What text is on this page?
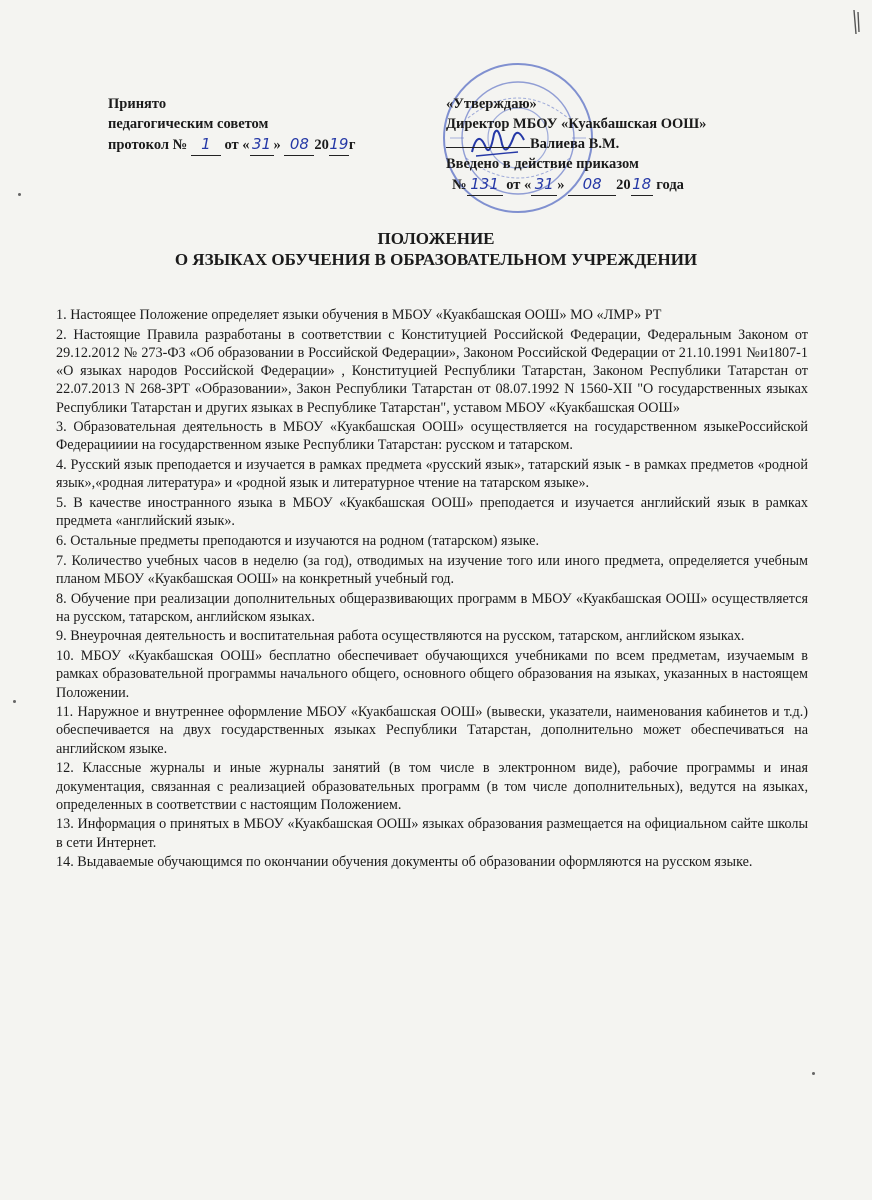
Принято
педагогическим советом
протокол № 1 от « 31 » 08 2019г
«Утверждаю»
Директор МБОУ «Куакбашская ООШ»
Валиева В.М.
Введено в действие приказом
№ 131 от « 31 » 08 2018 года
ПОЛОЖЕНИЕ
О ЯЗЫКАХ ОБУЧЕНИЯ В ОБРАЗОВАТЕЛЬНОМ УЧРЕЖДЕНИИ

1. Настоящее Положение определяет языки обучения в МБОУ «Куакбашская ООШ» МО «ЛМР» РТ

2. Настоящие Правила разработаны в соответствии с Конституцией Российской Федерации, Федеральным Законом от 29.12.2012 № 273-ФЗ «Об образовании в Российской Федерации», Законом Российской Федерации от 21.10.1991 №и1807-1 «О языках народов Российской Федерации» , Конституцией Республики Татарстан, Законом Республики Татарстан от 22.07.2013 N 268-ЗРТ «Образовании», Закон Республики Татарстан от 08.07.1992 N 1560-XII "О государственных языках Республики Татарстан и других языках в Республике Татарстан", уставом МБОУ «Куакбашская ООШ»

3. Образовательная деятельность в МБОУ «Куакбашская ООШ» осуществляется на государственном языкеРоссийской Федерацииии на государственном языке Республики Татарстан: русском и татарском.

4. Русский язык преподается и изучается в рамках предмета «русский язык», татарский язык - в рамках предметов «родной язык»,«родная литература» и «родной язык и литературное чтение на татарском языке».

5. В качестве иностранного языка в МБОУ «Куакбашская ООШ» преподается и изучается английский язык в рамках предмета «английский язык».

6. Остальные предметы преподаются и изучаются на родном (татарском) языке.

7. Количество учебных часов в неделю (за год), отводимых на изучение того или иного предмета, определяется учебным планом МБОУ «Куакбашская ООШ» на конкретный учебный год.

8. Обучение при реализации дополнительных общеразвивающих программ в МБОУ «Куакбашская ООШ» осуществляется на русском, татарском, английском языках.

9. Внеурочная деятельность и воспитательная работа осуществляются на русском, татарском, английском языках.

10. МБОУ «Куакбашская ООШ» бесплатно обеспечивает обучающихся учебниками по всем предметам, изучаемым в рамках образовательной программы начального общего, основного общего образования на языках, указанных в настоящем Положении.

11. Наружное и внутреннее оформление МБОУ «Куакбашская ООШ» (вывески, указатели, наименования кабинетов и т.д.) обеспечивается на двух государственных языках Республики Татарстан, дополнительно может обеспечиваться на английском языке.

12. Классные журналы и иные журналы занятий (в том числе в электронном виде), рабочие программы и иная документация, связанная с реализацией образовательных программ (в том числе дополнительных), ведутся на языках, определенных в соответствии с настоящим Положением.

13. Информация о принятых в МБОУ «Куакбашская ООШ» языках образования размещается на официальном сайте школы в сети Интернет.

14. Выдаваемые обучающимся по окончании обучения документы об образовании оформляются на русском языке.
